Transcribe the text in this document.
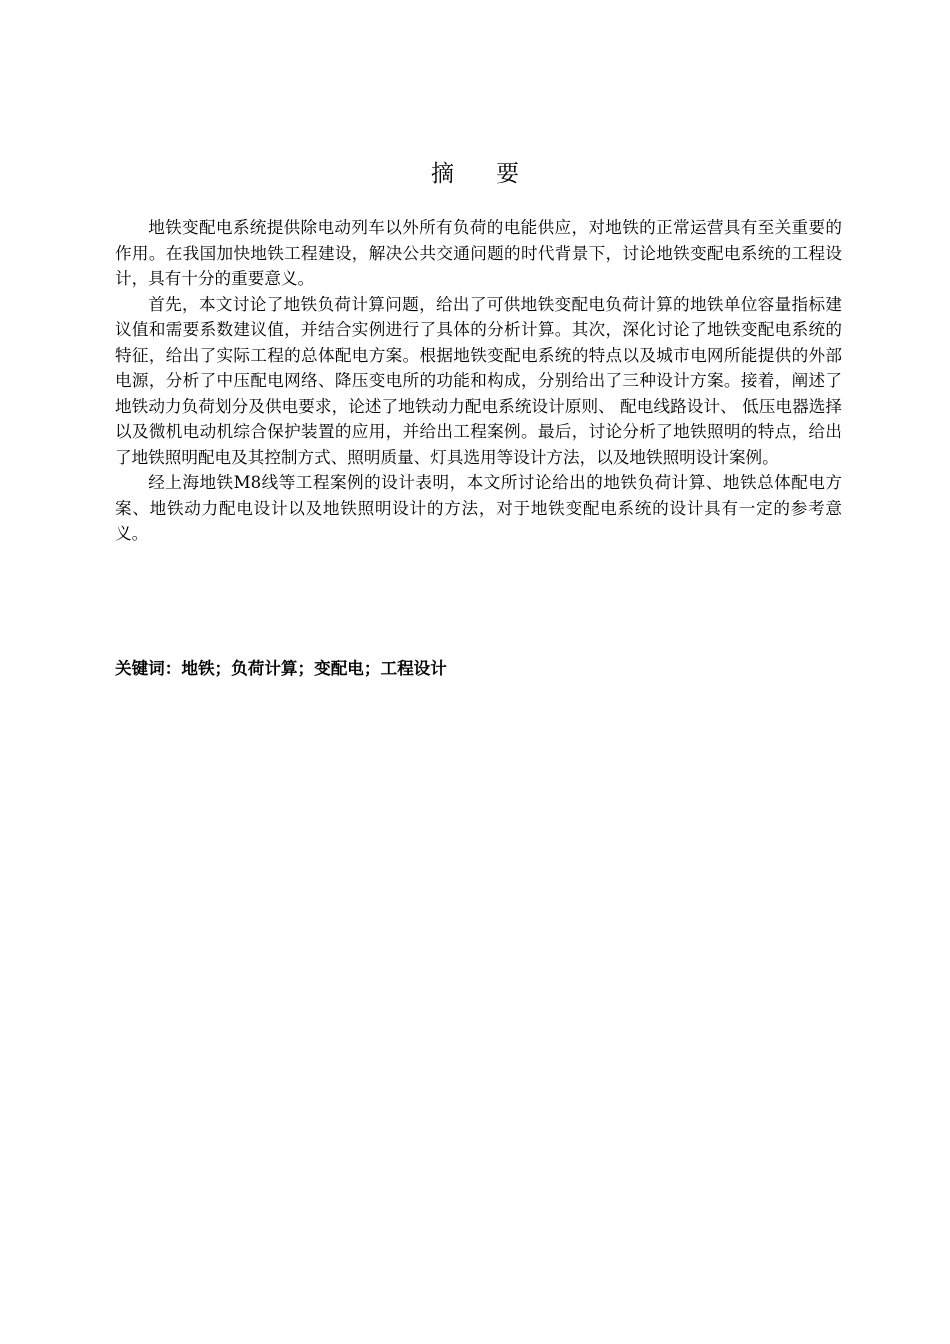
摘要

地铁变配电系统提供除电动列车以外所有负荷的电能供应，对地铁的正常运营具有至关重要的作用。在我国加快地铁工程建设，解决公共交通问题的时代背景下，讨论地铁变配电系统的工程设计，具有十分的重要意义。

首先，本文讨论了地铁负荷计算问题，给出了可供地铁变配电负荷计算的地铁单位容量指标建议值和需要系数建议值，并结合实例进行了具体的分析计算。其次，深化讨论了地铁变配电系统的特征，给出了实际工程的总体配电方案。根据地铁变配电系统的特点以及城市电网所能提供的外部电源，分析了中压配电网络、降压变电所的功能和构成，分别给出了三种设计方案。接着，阐述了地铁动力负荷划分及供电要求，论述了地铁动力配电系统设计原则、 配电线路设计、 低压电器选择以及微机电动机综合保护装置的应用，并给出工程案例。最后，讨论分析了地铁照明的特点，给出了地铁照明配电及其控制方式、照明质量、灯具选用等设计方法，以及地铁照明设计案例。

经上海地铁M8线等工程案例的设计表明，本文所讨论给出的地铁负荷计算、地铁总体配电方案、地铁动力配电设计以及地铁照明设计的方法，对于地铁变配电系统的设计具有一定的参考意义。

关键词：地铁；负荷计算；变配电；工程设计
